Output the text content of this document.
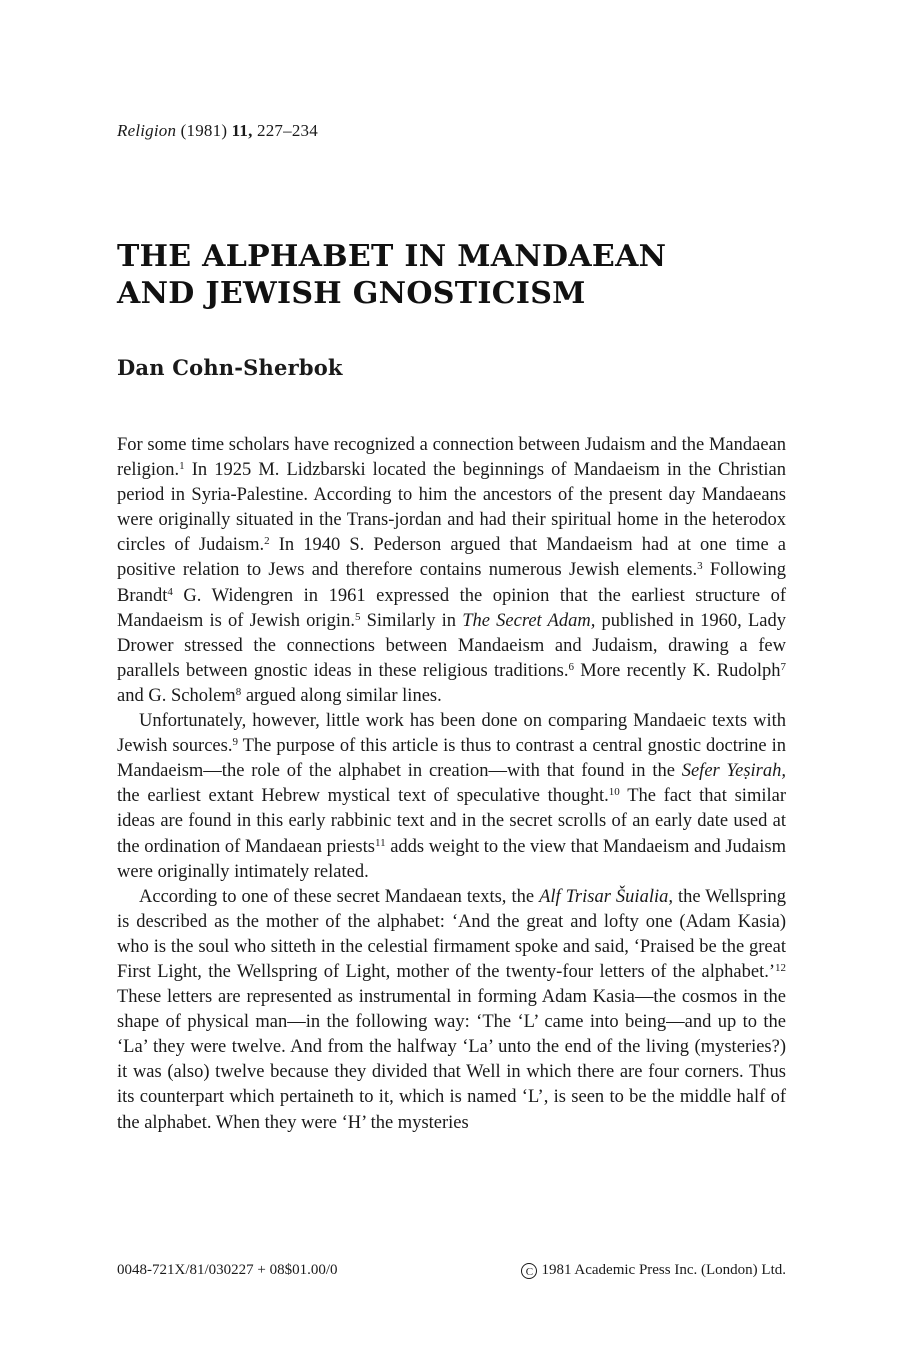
Religion (1981) 11, 227–234
THE ALPHABET IN MANDAEAN
AND JEWISH GNOSTICISM
Dan Cohn-Sherbok

For some time scholars have recognized a connection between Judaism and the Mandaean religion.$^1$ In 1925 M. Lidzbarski located the beginnings of Mandaeism in the Christian period in Syria-Palestine. According to him the ancestors of the present day Mandaeans were originally situated in the Trans-jordan and had their spiritual home in the heterodox circles of Judaism.$^2$ In 1940 S. Pederson argued that Mandaeism had at one time a positive relation to Jews and therefore contains numerous Jewish elements.$^3$ Following Brandt$^4$ G. Widengren in 1961 expressed the opinion that the earliest structure of Mandaeism is of Jewish origin.$^5$ Similarly in The Secret Adam, published in 1960, Lady Drower stressed the connections between Mandaeism and Judaism, drawing a few parallels between gnostic ideas in these religious traditions.$^6$ More recently K. Rudolph$^7$ and G. Scholem$^8$ argued along similar lines.

Unfortunately, however, little work has been done on comparing Mandaeic texts with Jewish sources.$^9$ The purpose of this article is thus to contrast a central gnostic doctrine in Mandaeism—the role of the alphabet in creation—with that found in the Sefer Yeṣirah, the earliest extant Hebrew mystical text of speculative thought.$^{10}$ The fact that similar ideas are found in this early rabbinic text and in the secret scrolls of an early date used at the ordination of Mandaean priests$^{11}$ adds weight to the view that Mandaeism and Judaism were originally intimately related.

According to one of these secret Mandaean texts, the Alf Trisar Šuialia, the Wellspring is described as the mother of the alphabet: ‘And the great and lofty one (Adam Kasia) who is the soul who sitteth in the celestial firmament spoke and said, ‘Praised be the great First Light, the Wellspring of Light, mother of the twenty-four letters of the alphabet.’$^{12}$ These letters are represented as instrumental in forming Adam Kasia—the cosmos in the shape of physical man—in the following way: ‘The ‘L’ came into being—and up to the ‘La’ they were twelve. And from the halfway ‘La’ unto the end of the living (mysteries?) it was (also) twelve because they divided that Well in which there are four corners. Thus its counterpart which pertaineth to it, which is named ‘L’, is seen to be the middle half of the alphabet. When they were ‘H’ the mysteries

0048-721X/81/030227 + 08$01.00/0	C 1981 Academic Press Inc. (London) Ltd.
